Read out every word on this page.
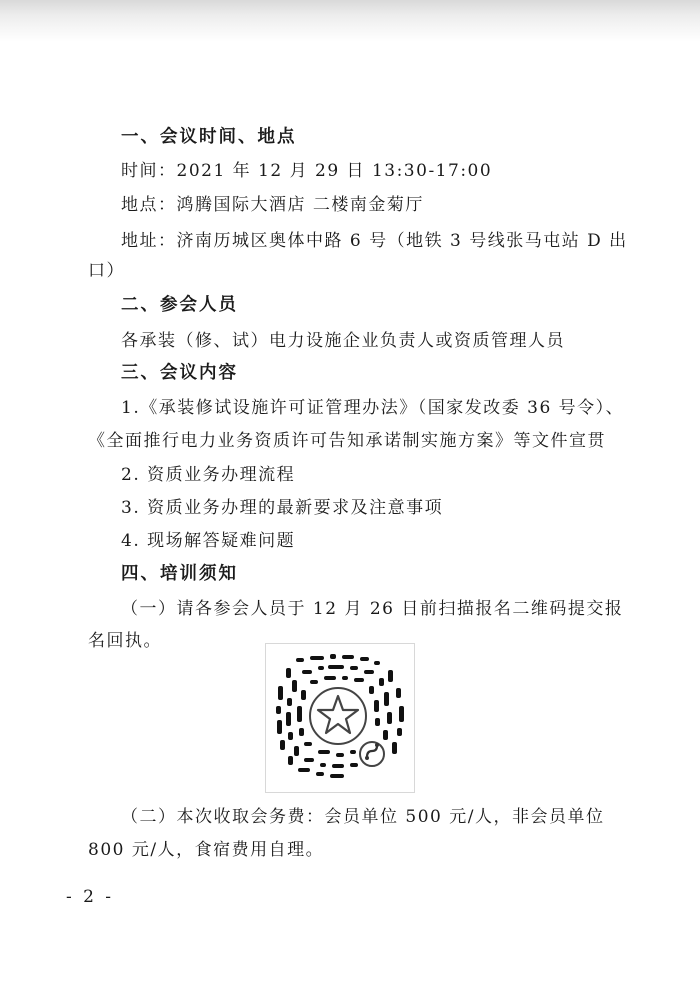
一、会议时间、地点
时间：2021 年 12 月 29 日 13:30-17:00
地点：鸿腾国际大酒店 二楼南金菊厅
地址：济南历城区奥体中路 6 号（地铁 3 号线张马屯站 D 出
口）
二、参会人员
各承装（修、试）电力设施企业负责人或资质管理人员
三、会议内容
1.《承装修试设施许可证管理办法》（国家发改委 36 号令）、
《全面推行电力业务资质许可告知承诺制实施方案》等文件宣贯
2. 资质业务办理流程
3. 资质业务办理的最新要求及注意事项
4. 现场解答疑难问题
四、培训须知
（一）请各参会人员于 12 月 26 日前扫描报名二维码提交报
名回执。
（二）本次收取会务费：会员单位 500 元/人，非会员单位
800 元/人，食宿费用自理。
- 2 -
